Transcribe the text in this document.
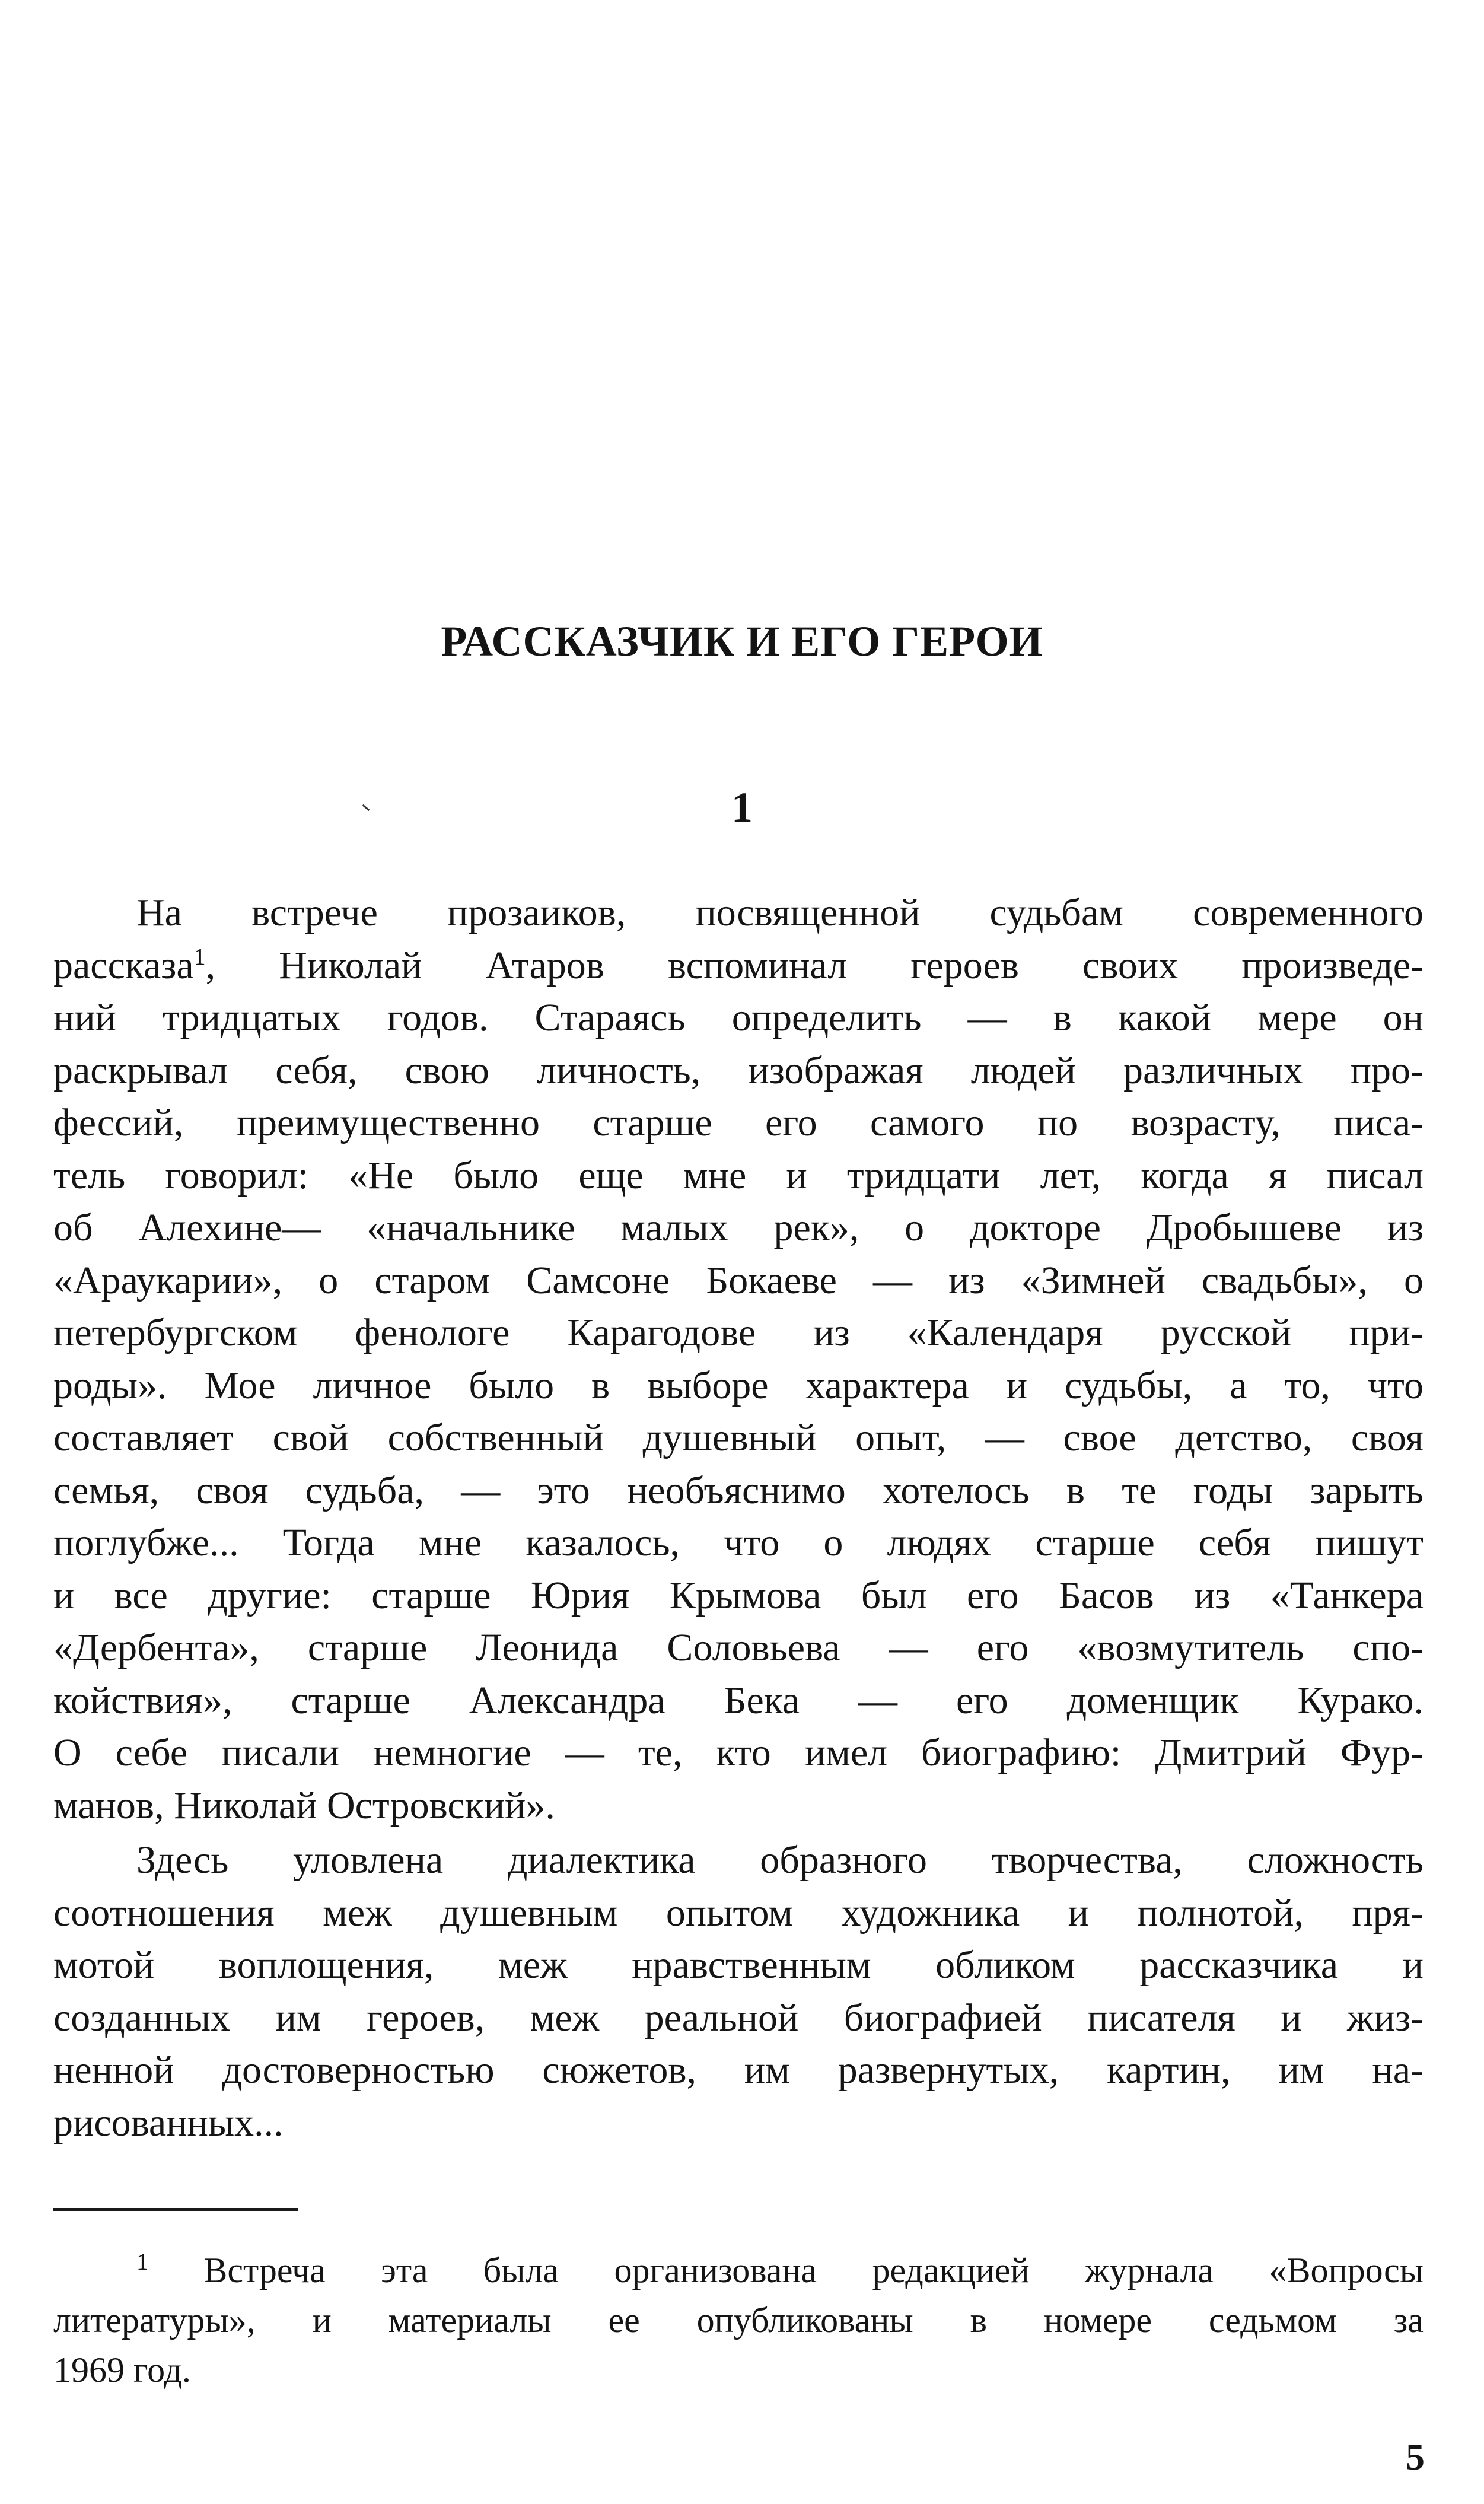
РАССКАЗЧИК И ЕГО ГЕРОИ
1
На встрече прозаиков, посвященной судьбам современного
рассказа$^1$, Николай Атаров вспоминал героев своих произведе-
ний тридцатых годов. Стараясь определить — в какой мере он
раскрывал себя, свою личность, изображая людей различных про-
фессий, преимущественно старше его самого по возрасту, писа-
тель говорил: «Не было еще мне и тридцати лет, когда я писал
об Алехине— «начальнике малых рек», о докторе Дробышеве из
«Араукарии», о старом Самсоне Бокаеве — из «Зимней свадьбы», о
петербургском фенологе Карагодове из «Календаря русской при-
роды». Мое личное было в выборе характера и судьбы, а то, что
составляет свой собственный душевный опыт, — свое детство, своя
семья, своя судьба, — это необъяснимо хотелось в те годы зарыть
поглубже... Тогда мне казалось, что о людях старше себя пишут
и все другие: старше Юрия Крымова был его Басов из «Танкера
«Дербента», старше Леонида Соловьева — его «возмутитель спо-
койствия», старше Александра Бека — его доменщик Курако.
О себе писали немногие — те, кто имел биографию: Дмитрий Фур-
манов, Николай Островский».
Здесь уловлена диалектика образного творчества, сложность
соотношения меж душевным опытом художника и полнотой, пря-
мотой воплощения, меж нравственным обликом рассказчика и
созданных им героев, меж реальной биографией писателя и жиз-
ненной достоверностью сюжетов, им развернутых, картин, им на-
рисованных...
$^1$ Встреча эта была организована редакцией журнала «Вопросы
литературы», и материалы ее опубликованы в номере седьмом за
1969 год.
5
